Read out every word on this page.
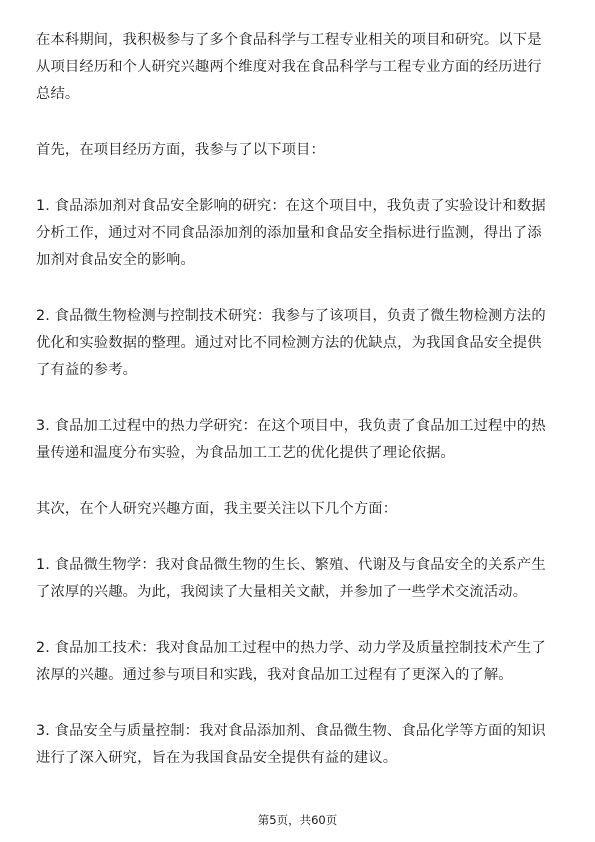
在本科期间，我积极参与了多个食品科学与工程专业相关的项目和研究。以下是从项目经历和个人研究兴趣两个维度对我在食品科学与工程专业方面的经历进行总结。

首先，在项目经历方面，我参与了以下项目：

1. 食品添加剂对食品安全影响的研究：在这个项目中，我负责了实验设计和数据分析工作，通过对不同食品添加剂的添加量和食品安全指标进行监测，得出了添加剂对食品安全的影响。

2. 食品微生物检测与控制技术研究：我参与了该项目，负责了微生物检测方法的优化和实验数据的整理。通过对比不同检测方法的优缺点，为我国食品安全提供了有益的参考。

3. 食品加工过程中的热力学研究：在这个项目中，我负责了食品加工过程中的热量传递和温度分布实验，为食品加工工艺的优化提供了理论依据。

其次，在个人研究兴趣方面，我主要关注以下几个方面：

1. 食品微生物学：我对食品微生物的生长、繁殖、代谢及与食品安全的关系产生了浓厚的兴趣。为此，我阅读了大量相关文献，并参加了一些学术交流活动。

2. 食品加工技术：我对食品加工过程中的热力学、动力学及质量控制技术产生了浓厚的兴趣。通过参与项目和实践，我对食品加工过程有了更深入的了解。

3. 食品安全与质量控制：我对食品添加剂、食品微生物、食品化学等方面的知识进行了深入研究，旨在为我国食品安全提供有益的建议。

第5页，共60页
